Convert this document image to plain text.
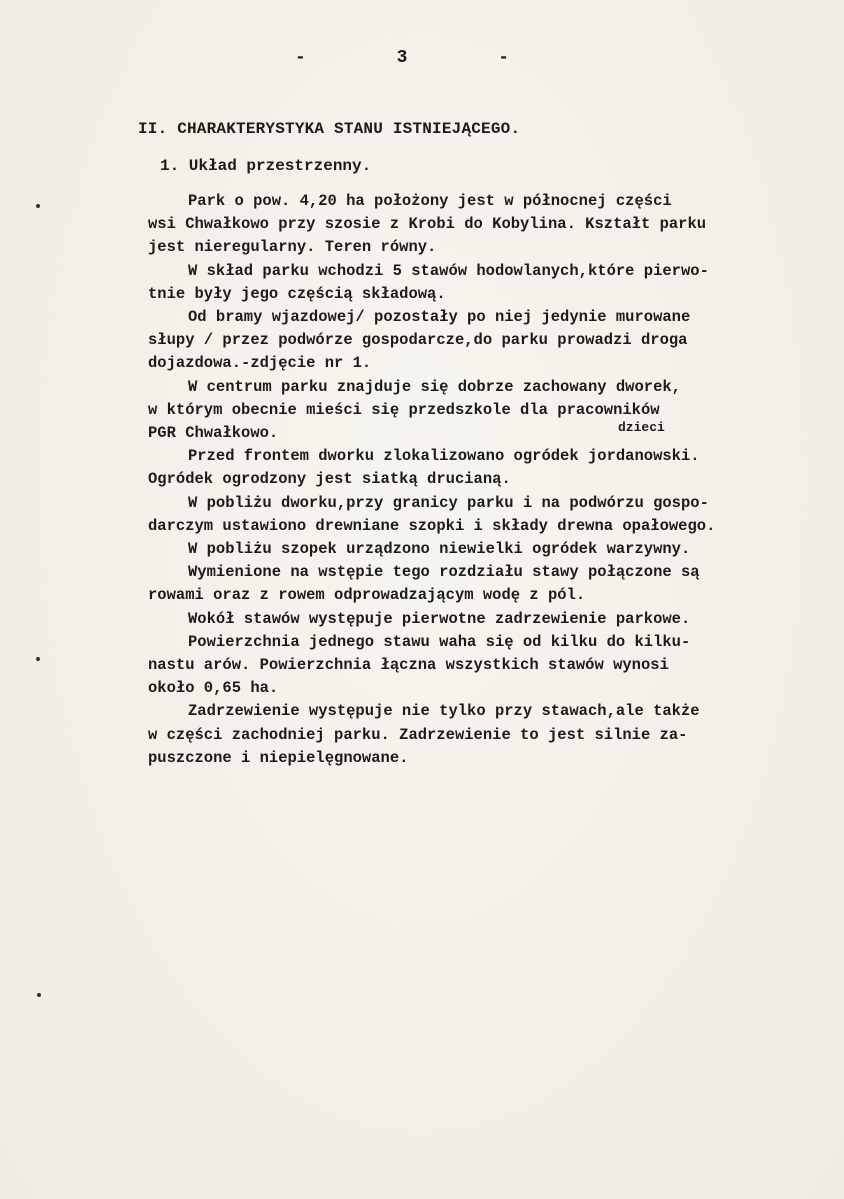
- 3 -
II. CHARAKTERYSTYKA STANU ISTNIEJĄCEGO.
1. Układ przestrzenny.
dzieci
Park o pow. 4,20 ha położony jest w północnej części
wsi Chwałkowo przy szosie z Krobi do Kobylina. Kształt parku
jest nieregularny. Teren równy.
W skład parku wchodzi 5 stawów hodowlanych,które pierwo-
tnie były jego częścią składową.
Od bramy wjazdowej/ pozostały po niej jedynie murowane
słupy / przez podwórze gospodarcze,do parku prowadzi droga
dojazdowa.-zdjęcie nr 1.
W centrum parku znajduje się dobrze zachowany dworek,
w którym obecnie mieści się przedszkole dla pracowników
PGR Chwałkowo.
Przed frontem dworku zlokalizowano ogródek jordanowski.
Ogródek ogrodzony jest siatką drucianą.
W pobliżu dworku,przy granicy parku i na podwórzu gospo-
darczym ustawiono drewniane szopki i składy drewna opałowego.
W pobliżu szopek urządzono niewielki ogródek warzywny.
Wymienione na wstępie tego rozdziału stawy połączone są
rowami oraz z rowem odprowadzającym wodę z pól.
Wokół stawów występuje pierwotne zadrzewienie parkowe.
Powierzchnia jednego stawu waha się od kilku do kilku-
nastu arów. Powierzchnia łączna wszystkich stawów wynosi
około 0,65 ha.
Zadrzewienie występuje nie tylko przy stawach,ale także
w części zachodniej parku. Zadrzewienie to jest silnie za-
puszczone i niepielęgnowane.
